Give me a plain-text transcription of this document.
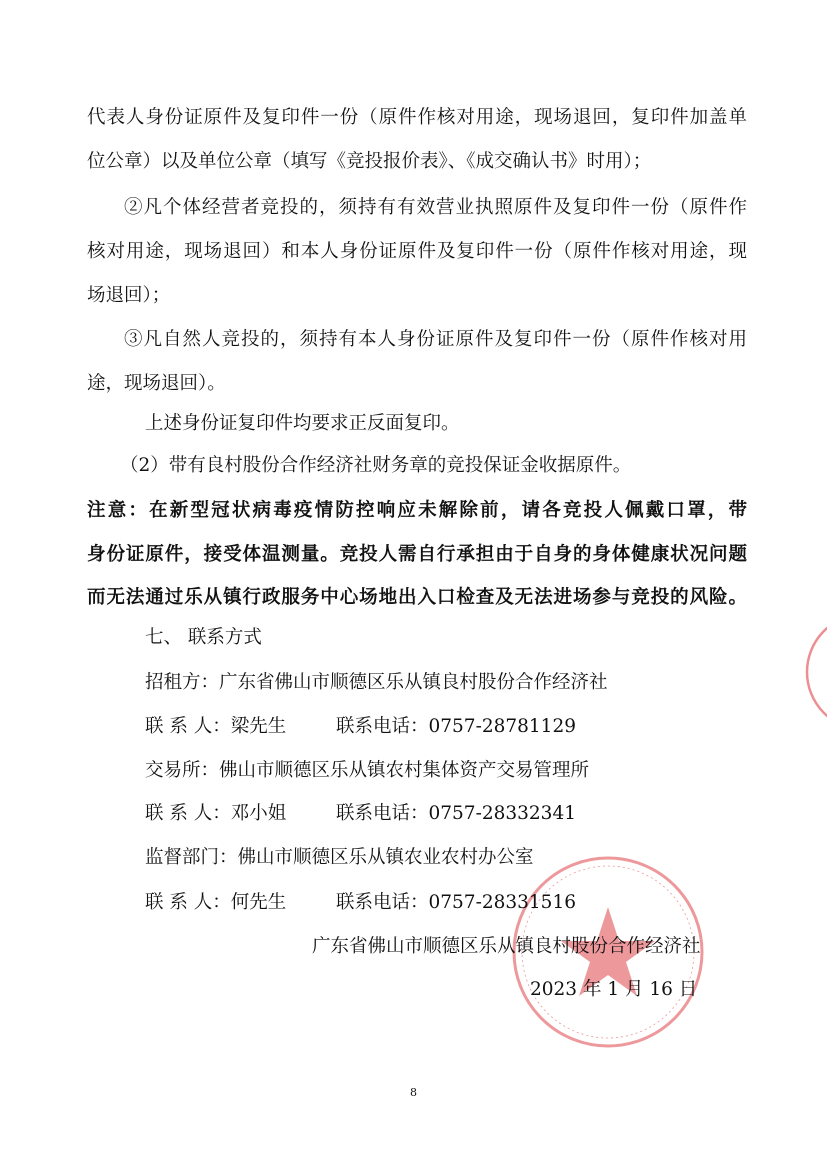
代表人身份证原件及复印件一份（原件作核对用途，现场退回，复印件加盖单
位公章）以及单位公章（填写《竞投报价表》、《成交确认书》时用）；
②凡个体经营者竞投的，须持有有效营业执照原件及复印件一份（原件作
核对用途，现场退回）和本人身份证原件及复印件一份（原件作核对用途，现
场退回）；
③凡自然人竞投的，须持有本人身份证原件及复印件一份（原件作核对用
途，现场退回）。
上述身份证复印件均要求正反面复印。
（2）带有良村股份合作经济社财务章的竞投保证金收据原件。
注意：在新型冠状病毒疫情防控响应未解除前，请各竞投人佩戴口罩，带
身份证原件，接受体温测量。竞投人需自行承担由于自身的身体健康状况问题
而无法通过乐从镇行政服务中心场地出入口检查及无法进场参与竞投的风险。
七、 联系方式
招租方：广东省佛山市顺德区乐从镇良村股份合作经济社
联 系 人：梁先生	联系电话：0757-28781129
交易所：佛山市顺德区乐从镇农村集体资产交易管理所
联 系 人：邓小姐	联系电话：0757-28332341
监督部门：佛山市顺德区乐从镇农业农村办公室
联 系 人：何先生	联系电话：0757-28331516
广东省佛山市顺德区乐从镇良村股份合作经济社
2023 年 1 月 16 日
8
